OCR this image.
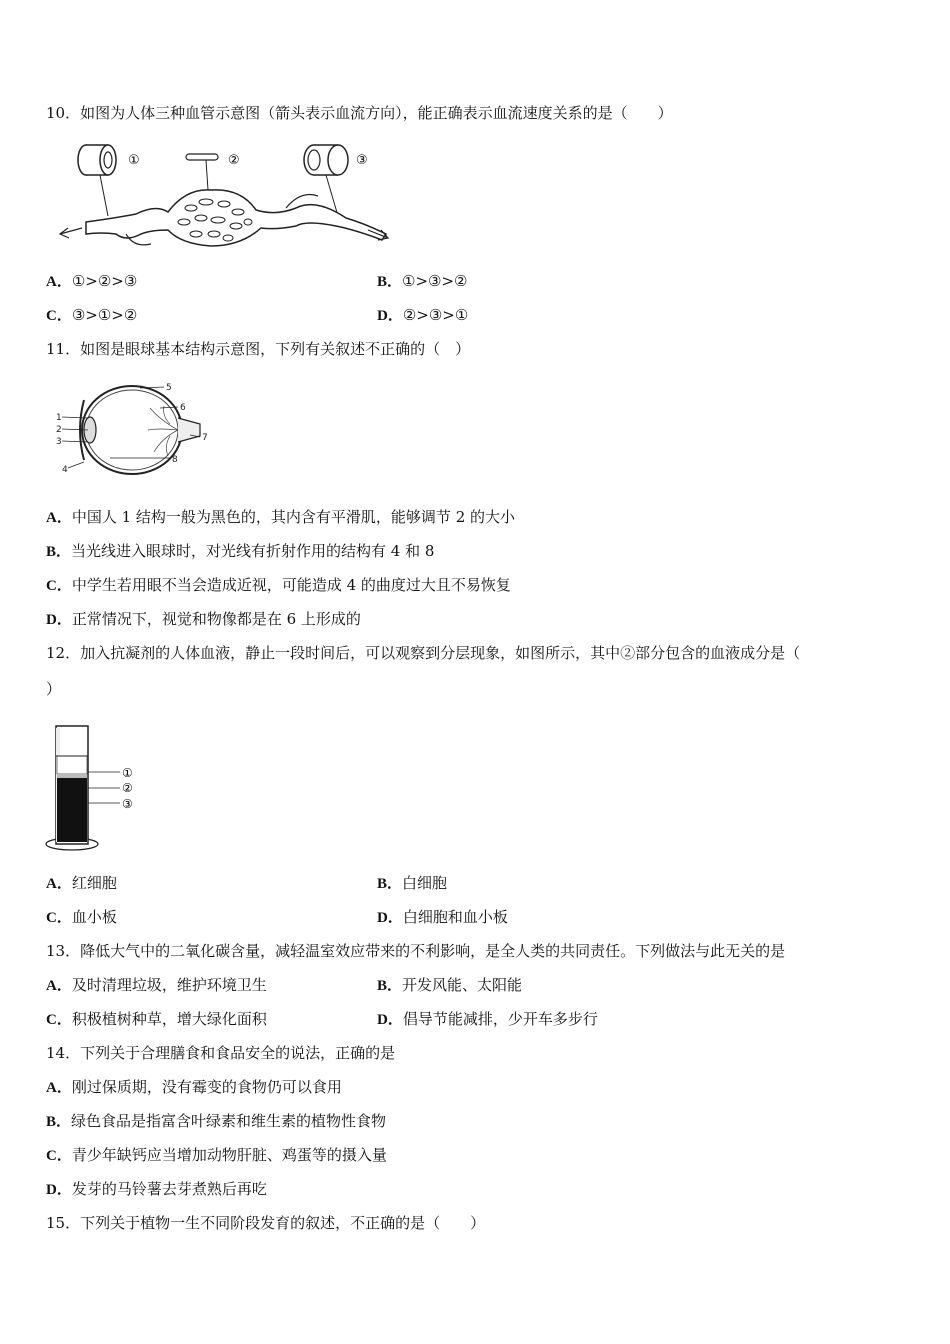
10．如图为人体三种血管示意图（箭头表示血流方向），能正确表示血流速度关系的是（　　）
①	②	③
A．①>②>③	B．①>③>②
C．③>①>②	D．②>③>①
11．如图是眼球基本结构示意图，下列有关叙述不正确的（　）
1
2
3
4
5
6
7
8
A．中国人 1 结构一般为黑色的，其内含有平滑肌，能够调节 2 的大小
B．当光线进入眼球时，对光线有折射作用的结构有 4 和 8
C．中学生若用眼不当会造成近视，可能造成 4 的曲度过大且不易恢复
D．正常情况下，视觉和物像都是在 6 上形成的
12．加入抗凝剂的人体血液，静止一段时间后，可以观察到分层现象，如图所示，其中②部分包含的血液成分是（
）
①
②
③
A．红细胞	B．白细胞
C．血小板	D．白细胞和血小板
13．降低大气中的二氧化碳含量，减轻温室效应带来的不利影响，是全人类的共同责任。下列做法与此无关的是
A．及时清理垃圾，维护环境卫生	B．开发风能、太阳能
C．积极植树种草，增大绿化面积	D．倡导节能减排，少开车多步行
14．下列关于合理膳食和食品安全的说法，正确的是
A．刚过保质期，没有霉变的食物仍可以食用
B．绿色食品是指富含叶绿素和维生素的植物性食物
C．青少年缺钙应当增加动物肝脏、鸡蛋等的摄入量
D．发芽的马铃薯去芽煮熟后再吃
15．下列关于植物一生不同阶段发育的叙述，不正确的是（　　）
